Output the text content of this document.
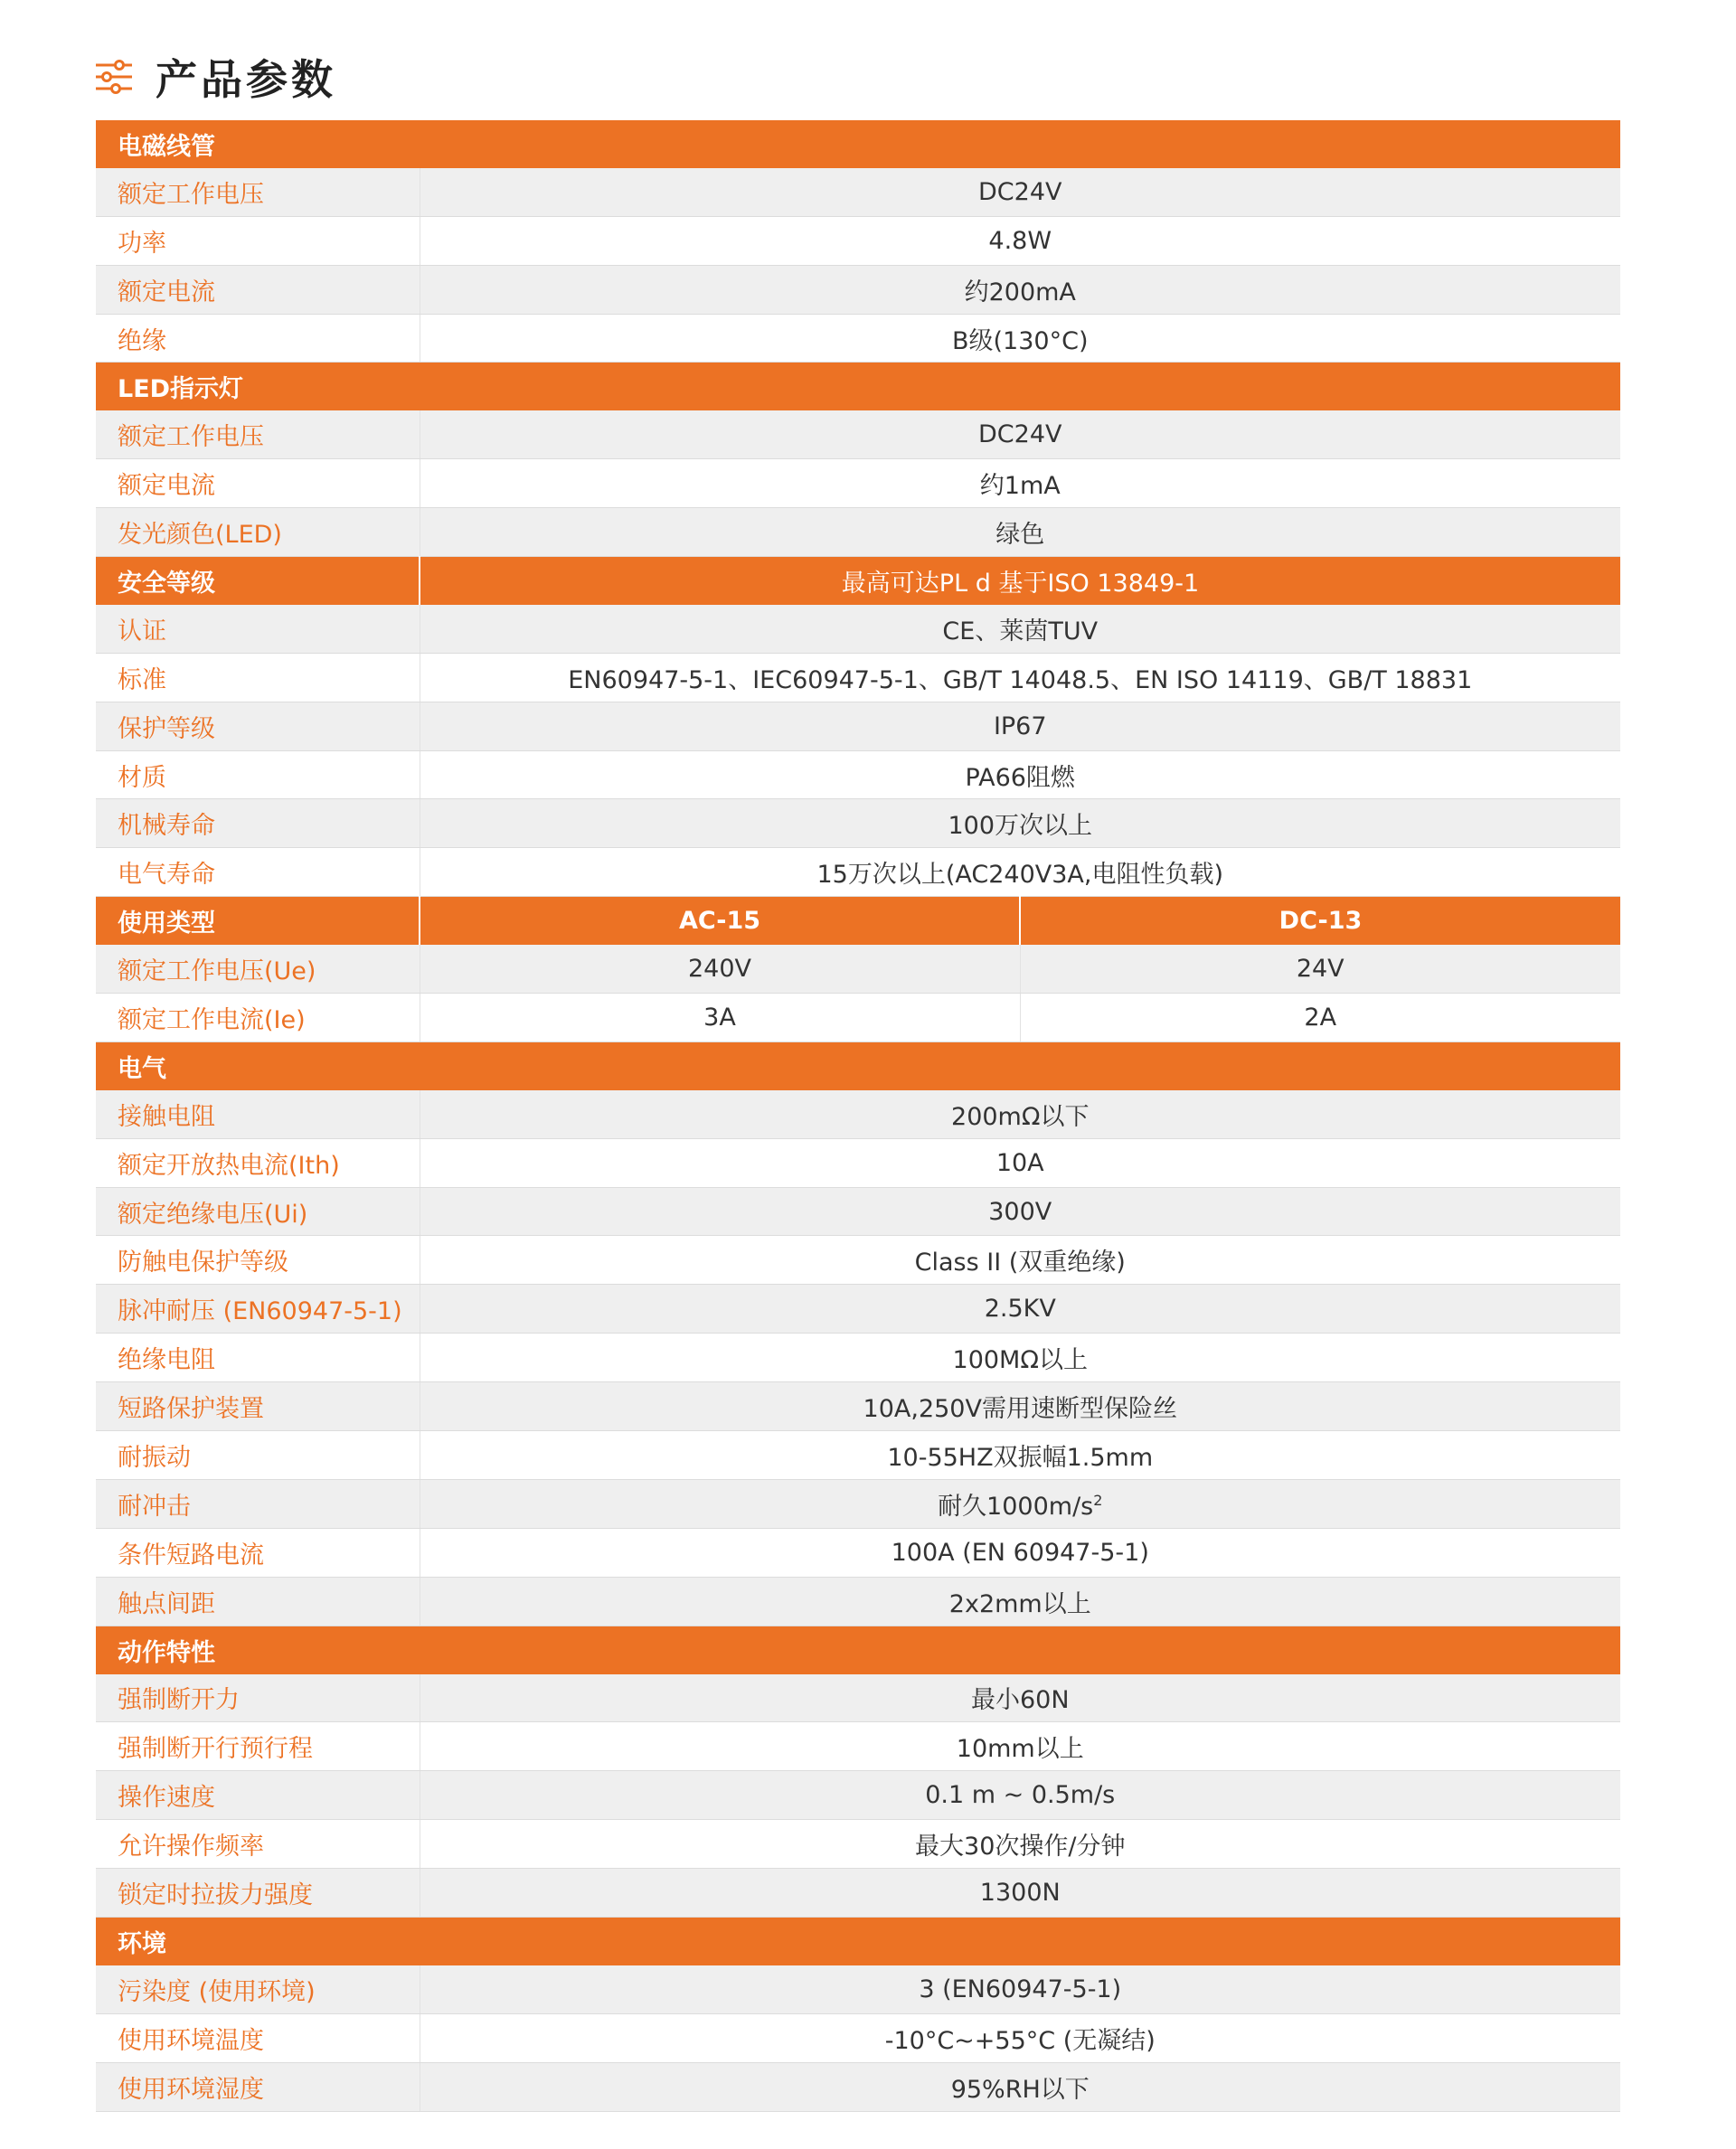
产品参数
电磁线管		
额定工作电压	DC24V	
功率	4.8W	
额定电流	约200mA	
绝缘	B级(130°C)	
LED指示灯		
额定工作电压	DC24V	
额定电流	约1mA	
发光颜色(LED)	绿色	
安全等级	最高可达PL d 基于ISO 13849-1	
认证	CE、莱茵TUV	
标准	EN60947-5-1、IEC60947-5-1、GB/T 14048.5、EN ISO 14119、GB/T 18831	
保护等级	IP67	
材质	PA66阻燃	
机械寿命	100万次以上	
电气寿命	15万次以上(AC240V3A,电阻性负载)	
使用类型	AC-15	DC-13
额定工作电压(Ue)	240V	24V
额定工作电流(Ie)	3A	2A
电气		
接触电阻	200mΩ以下	
额定开放热电流(Ith)	10A	
额定绝缘电压(Ui)	300V	
防触电保护等级	Class II (双重绝缘)	
脉冲耐压 (EN60947-5-1)	2.5KV	
绝缘电阻	100MΩ以上	
短路保护装置	10A,250V需用速断型保险丝	
耐振动	10-55HZ双振幅1.5mm	
耐冲击	耐久$1000m/s^2$
条件短路电流	100A (EN 60947-5-1)	
触点间距	2x2mm以上	
动作特性		
强制断开力	最小60N	
强制断开行预行程	10mm以上	
操作速度	0.1 m ~ 0.5m/s	
允许操作频率	最大30次操作/分钟	
锁定时拉拔力强度	1300N	
环境		
污染度 (使用环境)	3 (EN60947-5-1)	
使用环境温度	-10°C~+55°C (无凝结)	
使用环境湿度	95%RH以下	
